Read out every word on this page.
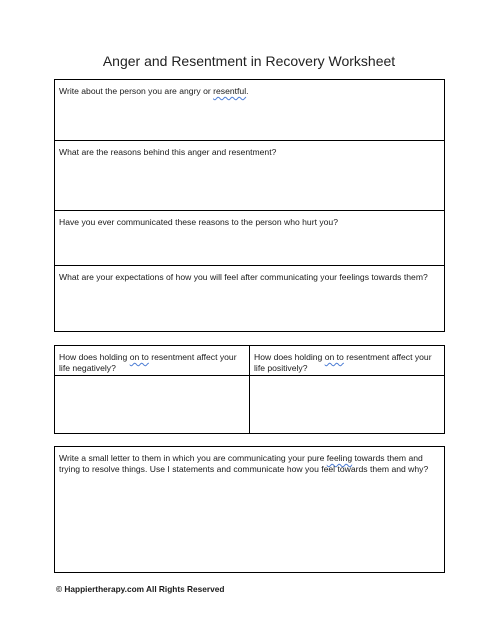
Anger and Resentment in Recovery Worksheet
Write about the person you are angry or resentful.
What are the reasons behind this anger and resentment?
Have you ever communicated these reasons to the person who hurt you?
What are your expectations of how you will feel after communicating your feelings towards them?
How does holding on to resentment affect your life negatively?
How does holding on to resentment affect your life positively?
Write a small letter to them in which you are communicating your pure feeling towards them and trying to resolve things. Use I statements and communicate how you feel towards them and why?
© Happiertherapy.com All Rights Reserved
